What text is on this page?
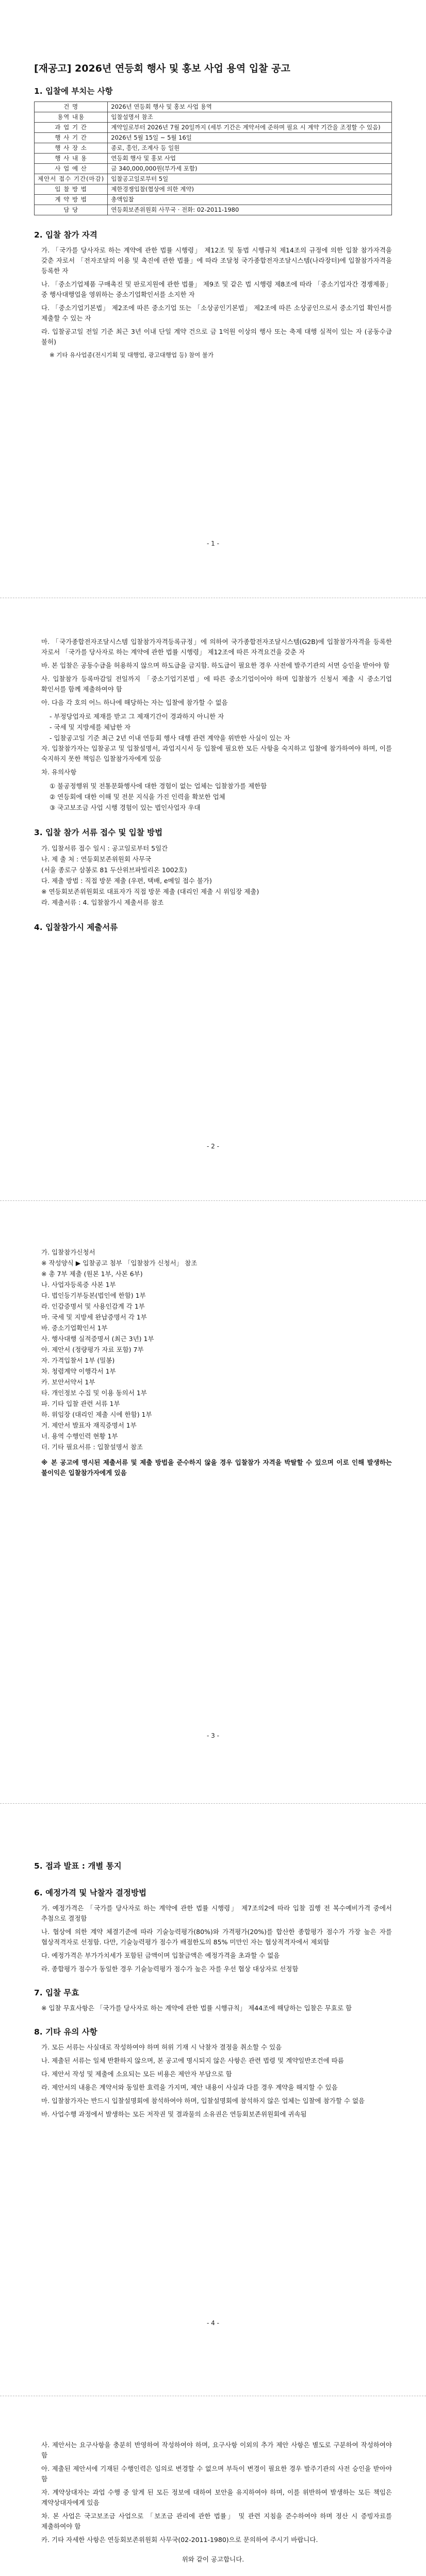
[재공고] 2026년 연등회 행사 및 홍보 사업 용역 입찰 공고
1. 입찰에 부치는 사항
건 명	2026년 연등회 행사 및 홍보 사업 용역
용역 내용	입찰설명서 참조
과 업 기 간	계약일로부터 2026년 7월 20일까지 (세부 기간은 계약서에 준하며 필요 시 계약 기간을 조정할 수 있음)
행 사 기 간	2026년 5월 15일 ~ 5월 16일
행 사 장 소	종로, 흥인, 조계사 등 일원
행 사 내 용	연등회 행사 및 홍보 사업
사 업 예 산	금 340,000,000원(부가세 포함)
제안서 접수 기간(마감)	입찰공고일로부터 5일
입 찰 방 법	제한경쟁입찰(협상에 의한 계약)
계 약 방 법	총액입찰
담 당	연등회보존위원회 사무국 · 전화: 02-2011-1980
2. 입찰 참가 자격

가. 「국가를 당사자로 하는 계약에 관한 법률 시행령」 제12조 및 동법 시행규칙 제14조의 규정에 의한 입찰 참가자격을 갖춘 자로서 「전자조달의 이용 및 촉진에 관한 법률」에 따라 조달청 국가종합전자조달시스템(나라장터)에 입찰참가자격을 등록한 자

나. 「중소기업제품 구매촉진 및 판로지원에 관한 법률」 제9조 및 같은 법 시행령 제8조에 따라 「중소기업자간 경쟁제품」 중 행사대행업을 영위하는 중소기업확인서를 소지한 자

다. 「중소기업기본법」 제2조에 따른 중소기업 또는 「소상공인기본법」 제2조에 따른 소상공인으로서 중소기업 확인서를 제출할 수 있는 자

라. 입찰공고일 전일 기준 최근 3년 이내 단일 계약 건으로 금 1억원 이상의 행사 또는 축제 대행 실적이 있는 자 (공동수급 불허)

※ 기타 유사업종(전시기획 및 대행업, 광고대행업 등) 참여 불가

- 1 -

마. 「국가종합전자조달시스템 입찰참가자격등록규정」에 의하여 국가종합전자조달시스템(G2B)에 입찰참가자격을 등록한 자로서 「국가를 당사자로 하는 계약에 관한 법률 시행령」 제12조에 따른 자격요건을 갖춘 자

바. 본 입찰은 공동수급을 허용하지 않으며 하도급을 금지함. 하도급이 필요한 경우 사전에 발주기관의 서면 승인을 받아야 함

사. 입찰참가 등록마감일 전일까지 「중소기업기본법」에 따른 중소기업이어야 하며 입찰참가 신청서 제출 시 중소기업 확인서를 함께 제출하여야 함

아. 다음 각 호의 어느 하나에 해당하는 자는 입찰에 참가할 수 없음

- 부정당업자로 제재를 받고 그 제재기간이 경과하지 아니한 자

- 국세 및 지방세를 체납한 자

- 입찰공고일 기준 최근 2년 이내 연등회 행사 대행 관련 계약을 위반한 사실이 있는 자

자. 입찰참가자는 입찰공고 및 입찰설명서, 과업지시서 등 입찰에 필요한 모든 사항을 숙지하고 입찰에 참가하여야 하며, 이를 숙지하지 못한 책임은 입찰참가자에게 있음

차. 유의사항

① 불공정행위 및 전통문화행사에 대한 경험이 없는 업체는 입찰참가를 제한함

② 연등회에 대한 이해 및 전문 지식을 가진 인력을 확보한 업체

③ 국고보조금 사업 시행 경험이 있는 법인사업자 우대

3. 입찰 참가 서류 접수 및 입찰 방법

가. 입찰서류 접수 일시 : 공고일로부터 5일간

나. 제 출 처 : 연등회보존위원회 사무국

(서울 종로구 삼봉로 81 두산위브파빌리온 1002호)

다. 제출 방법 : 직접 방문 제출 (우편, 택배, e메일 접수 불가)

※ 연등회보존위원회로 대표자가 직접 방문 제출 (대리인 제출 시 위임장 제출)

라. 제출서류 : 4. 입찰참가시 제출서류 참조

4. 입찰참가시 제출서류
- 2 -

가. 입찰참가신청서

※ 작성양식 ▶ 입찰공고 첨부 「입찰참가 신청서」 참조

※ 총 7부 제출 (원본 1부, 사본 6부)

나. 사업자등록증 사본 1부

다. 법인등기부등본(법인에 한함) 1부

라. 인감증명서 및 사용인감계 각 1부

마. 국세 및 지방세 완납증명서 각 1부

바. 중소기업확인서 1부

사. 행사대행 실적증명서 (최근 3년) 1부

아. 제안서 (정량평가 자료 포함) 7부

자. 가격입찰서 1부 (밀봉)

차. 청렴계약 이행각서 1부

카. 보안서약서 1부

타. 개인정보 수집 및 이용 동의서 1부

파. 기타 입찰 관련 서류 1부

하. 위임장 (대리인 제출 시에 한함) 1부

거. 제안서 발표자 재직증명서 1부

너. 용역 수행인력 현황 1부

더. 기타 필요서류 : 입찰설명서 참조

※ 본 공고에 명시된 제출서류 및 제출 방법을 준수하지 않을 경우 입찰참가 자격을 박탈할 수 있으며 이로 인해 발생하는 불이익은 입찰참가자에게 있음

- 3 -
5. 접과 발표 : 개별 통지
6. 예정가격 및 낙찰자 결정방법

가. 예정가격은 「국가를 당사자로 하는 계약에 관한 법률 시행령」 제7조의2에 따라 입찰 집행 전 복수예비가격 중에서 추첨으로 결정함

나. 협상에 의한 계약 체결기준에 따라 기술능력평가(80%)와 가격평가(20%)를 합산한 종합평가 점수가 가장 높은 자를 협상적격자로 선정함. 다만, 기술능력평가 점수가 배점한도의 85% 미만인 자는 협상적격자에서 제외함

다. 예정가격은 부가가치세가 포함된 금액이며 입찰금액은 예정가격을 초과할 수 없음

라. 종합평가 점수가 동일한 경우 기술능력평가 점수가 높은 자를 우선 협상 대상자로 선정함

7. 입찰 무효

※ 입찰 무효사항은 「국가를 당사자로 하는 계약에 관한 법률 시행규칙」 제44조에 해당하는 입찰은 무효로 함

8. 기타 유의 사항

가. 모든 서류는 사실대로 작성하여야 하며 허위 기재 시 낙찰자 결정을 취소할 수 있음

나. 제출된 서류는 일체 반환하지 않으며, 본 공고에 명시되지 않은 사항은 관련 법령 및 계약일반조건에 따름

다. 제안서 작성 및 제출에 소요되는 모든 비용은 제안자 부담으로 함

라. 제안서의 내용은 계약서와 동일한 효력을 가지며, 제안 내용이 사실과 다를 경우 계약을 해지할 수 있음

마. 입찰참가자는 반드시 입찰설명회에 참석하여야 하며, 입찰설명회에 참석하지 않은 업체는 입찰에 참가할 수 없음

바. 사업수행 과정에서 발생하는 모든 저작권 및 결과물의 소유권은 연등회보존위원회에 귀속됨

- 4 -

사. 제안서는 요구사항을 충분히 반영하여 작성하여야 하며, 요구사항 이외의 추가 제안 사항은 별도로 구분하여 작성하여야 함

아. 제출된 제안서에 기재된 수행인력은 임의로 변경할 수 없으며 부득이 변경이 필요한 경우 발주기관의 사전 승인을 받아야 함

자. 계약상대자는 과업 수행 중 알게 된 모든 정보에 대하여 보안을 유지하여야 하며, 이를 위반하여 발생하는 모든 책임은 계약상대자에게 있음

차. 본 사업은 국고보조금 사업으로 「보조금 관리에 관한 법률」 및 관련 지침을 준수하여야 하며 정산 시 증빙자료를 제출하여야 함

카. 기타 자세한 사항은 연등회보존위원회 사무국(02-2011-1980)으로 문의하여 주시기 바랍니다.

위와 같이 공고합니다.
